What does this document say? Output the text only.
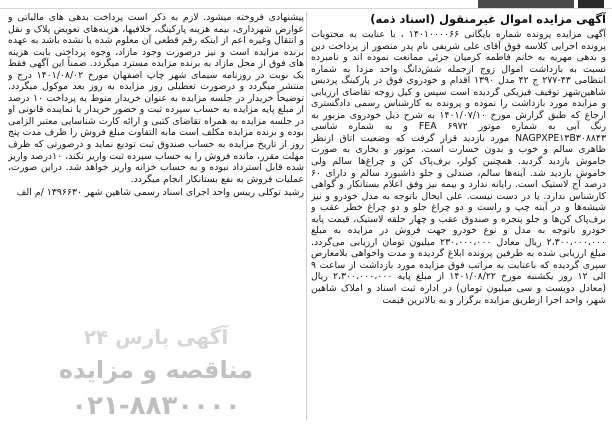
آگهی مزایده اموال غیرمنقول (اسناد ذمه)

آگهی مزایده پرونده شماره بایگانی ۱۴۰۱۰۰۰۰۶۶ ، با عنایت به محتویات پرونده اجرایی کلاسه فوق آقای علی شریفی نام پدر منصور از پرداخت دین و بدهی مهریه به خانم فاطمه کرمیان جزئی ممانعت نموده اند و نامبرده نسبت به بازداشت اموال زوج ازجمله شش‌دانگ واحد مزدا به شماره انتظامی ۴۳-۲۷۷ ج ۴۲ مدل ۱۳۹۰ اقدام و خودروی فوق در پارکینگ پردیس شاهین‌شهر توقیف فیزیکی گردیده است سپس و کیل زوجه تقاضای ارزیابی و مزایده مورد بازداشت را نموده و پرونده به کارشناس رسمی دادگستری ارجاع که طبق گزارش مورخ ۱۴۰۱/۰۷/۱۰ به شرح ذیل خودروی مزبور به رنگ آبی به شماره موتور FEA ۶۹۷۲ و به شماره شاسی NAGPXPE۱۳B۳۰۸۸۴۳ مورد بازدید قرار گرفت که وضعیت اتاق ازنظر ظاهری سالم و خوب و بدون خسارت است. موتور و بخاری به صورت خاموش بازدید گردید. همچنین کولر، برف‌پاک کن و چراغ‌ها سالم ولی خاموش بازدید شد. آینه‌ها سالم، صندلی و جلو داشبورد سالم و دارای ۶۰ درصد آج لاستیک است. رایانه ندارد و بیمه نیز وفق اعلام بستانکار و گواهی کارشناس ندارد. یا در دست نیست. علی ایحال باتوجه به مدل خودرو و نیز شیشه‌ها و در آینه چپ و راست و دو چراغ جلو و دو چراغ خطر عقب و برف‌پاک کن‌ها و جلو پنجره و صندوق عقب و چهار حلقه لاستیک، قیمت پایه خودرو باتوجه به مدل و نوع خودرو جهت فروش در مزایده به مبلغ ۲،۳۰۰،۰۰۰،۰۰۰ ریال معادل ۲۳۰،۰۰۰،۰۰۰ میلیون تومان ارزیابی می‌گردد. مبلغ ارزیابی شده به طرفین پرونده ابلاغ گردیده و مدت واخواهی بلامعارض سپری گردیده که باعنایت به مراتب فوق مزایده مورد بازداشت از ساعت ۹ الی ۱۲ روز یکشنبه مورخ ۱۴۰۱/۰۸/۲۲ از مبلغ پایه ۲،۳۰۰،۰۰۰،۰۰۰ ریال (معادل دویست و سی میلیون تومان) در اداره ثبت اسناد و املاک شاهین شهر، واحد اجرا ازطریق مزایده برگزار و به بالاترین قیمت

پیشنهادی فروخته میشود. لازم به ذکر است پرداخت بدهی های مالیاتی و عوارض شهرداری، بیمه هزینه پارکینگ، خلافیها، هزینه‌های تعویض پلاک و نقل و انتقال وغیره اعم از اینکه رقم قطعی آن معلوم شده یا نشده باشد به عهده برنده مزایده است و نیز درصورت وجود مازاد، وجوه پرداختی بابت هزینه های فوق از محل مازاد به برنده مزایده مسترد میگردد. ضمناً این آگهی فقط یک نوبت در روزنامه سیمای شهر چاپ اصفهان مورخ ۱۴۰۱/۰۸/۰۲ درج و منتشر میگردد و درصورت تعطیلی روز مزایده به روز بعد موکول میگردد. توضیحاً خریدار در جلسه مزایده به عنوان خریدار منوط به پرداخت ۱۰ درصد از مبلغ پایه مزایده به حساب سپرده ثبت و حضور خریدار یا نماینده قانونی او در جلسه مزایده به همراه تقاضای کتبی و ارائه کارت شناسایی معتبر الزامی بوده و برنده مزایده مکلف است مابه التفاوت مبلغ فروش را ظرف مدت پنج روز از تاریخ مزایده به حساب صندوق ثبت تودیع نماید و درصورتی که ظرف مهلت مقرر، مانده فروش را به حساب سپرده ثبت واریز نکند، ۱۰درصد واریز شده قابل استرداد نبوده و به حساب خزانه واریز خواهد شد. دراین صورت، عملیات فروش به نفع بستانکار انجام میگردد.

رشید توکلی رییس واحد اجرای اسناد رسمی شاهین شهر ۱۳۹۶۶۳۰ /م الف

آگهی پارس ۲۴
مناقصه و مزایده
۰۲۱-۸۸۳۰۰۰۰
